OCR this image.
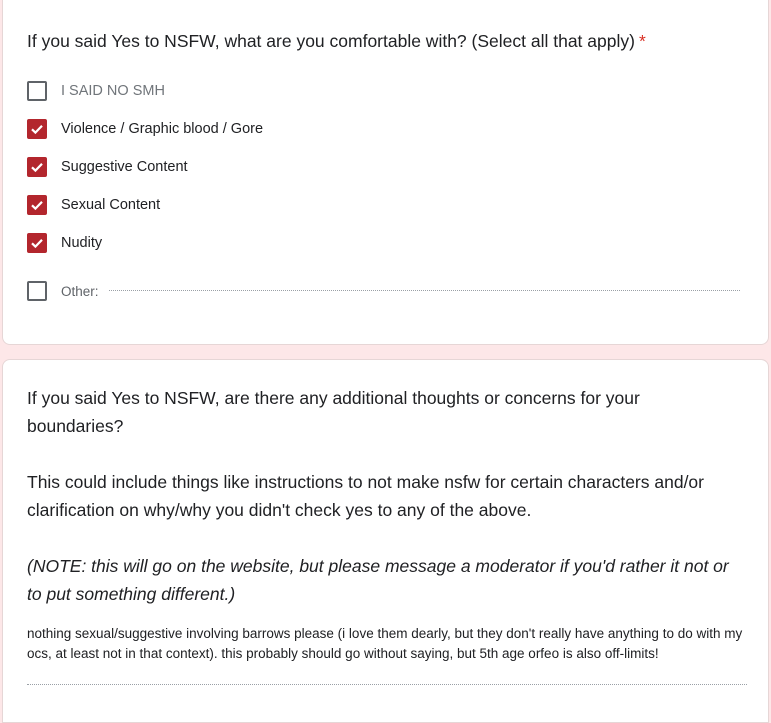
If you said Yes to NSFW, what are you comfortable with? (Select all that apply) *
I SAID NO SMH
Violence / Graphic blood / Gore
Suggestive Content
Sexual Content
Nudity
Other:
If you said Yes to NSFW, are there any additional thoughts or concerns for your boundaries?
This could include things like instructions to not make nsfw for certain characters and/or clarification on why/why you didn't check yes to any of the above.
(NOTE: this will go on the website, but please message a moderator if you'd rather it not or to put something different.)
nothing sexual/suggestive involving barrows please (i love them dearly, but they don't really have anything to do with my ocs, at least not in that context). this probably should go without saying, but 5th age orfeo is also off-limits!
